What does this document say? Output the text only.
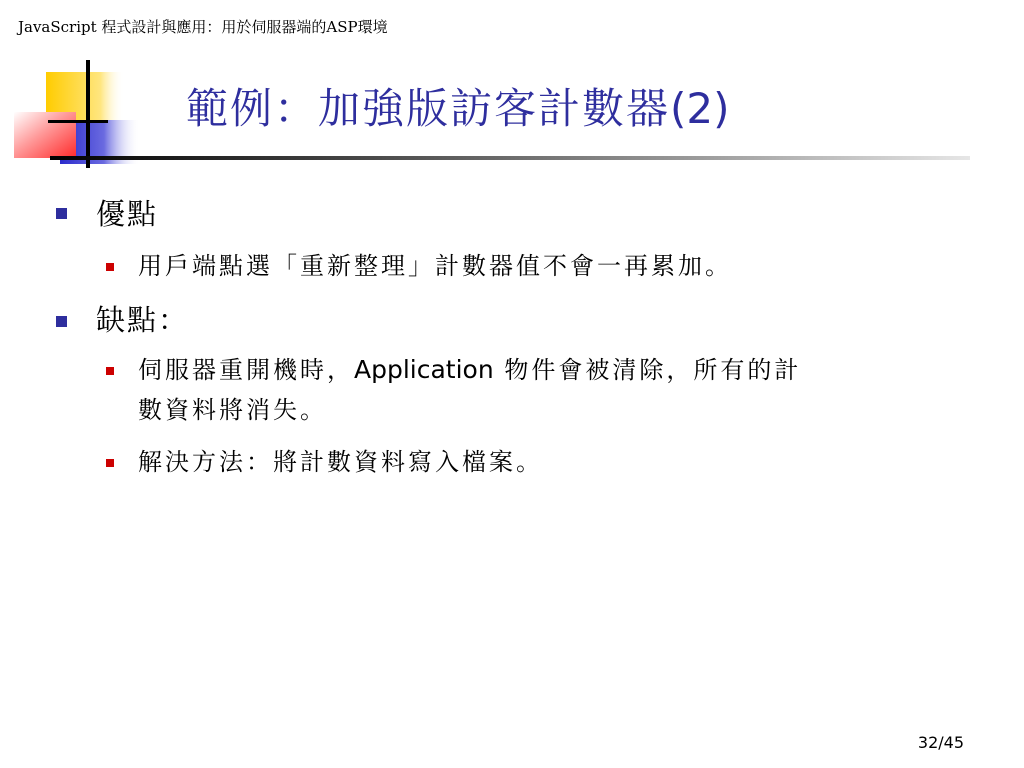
JavaScript 程式設計與應用：用於伺服器端的ASP環境
範例：加強版訪客計數器(2)
優點
用戶端點選「重新整理」計數器值不會一再累加。
缺點：
伺服器重開機時，Application 物件會被清除，所有的計
數資料將消失。
解決方法：將計數資料寫入檔案。
32/45
